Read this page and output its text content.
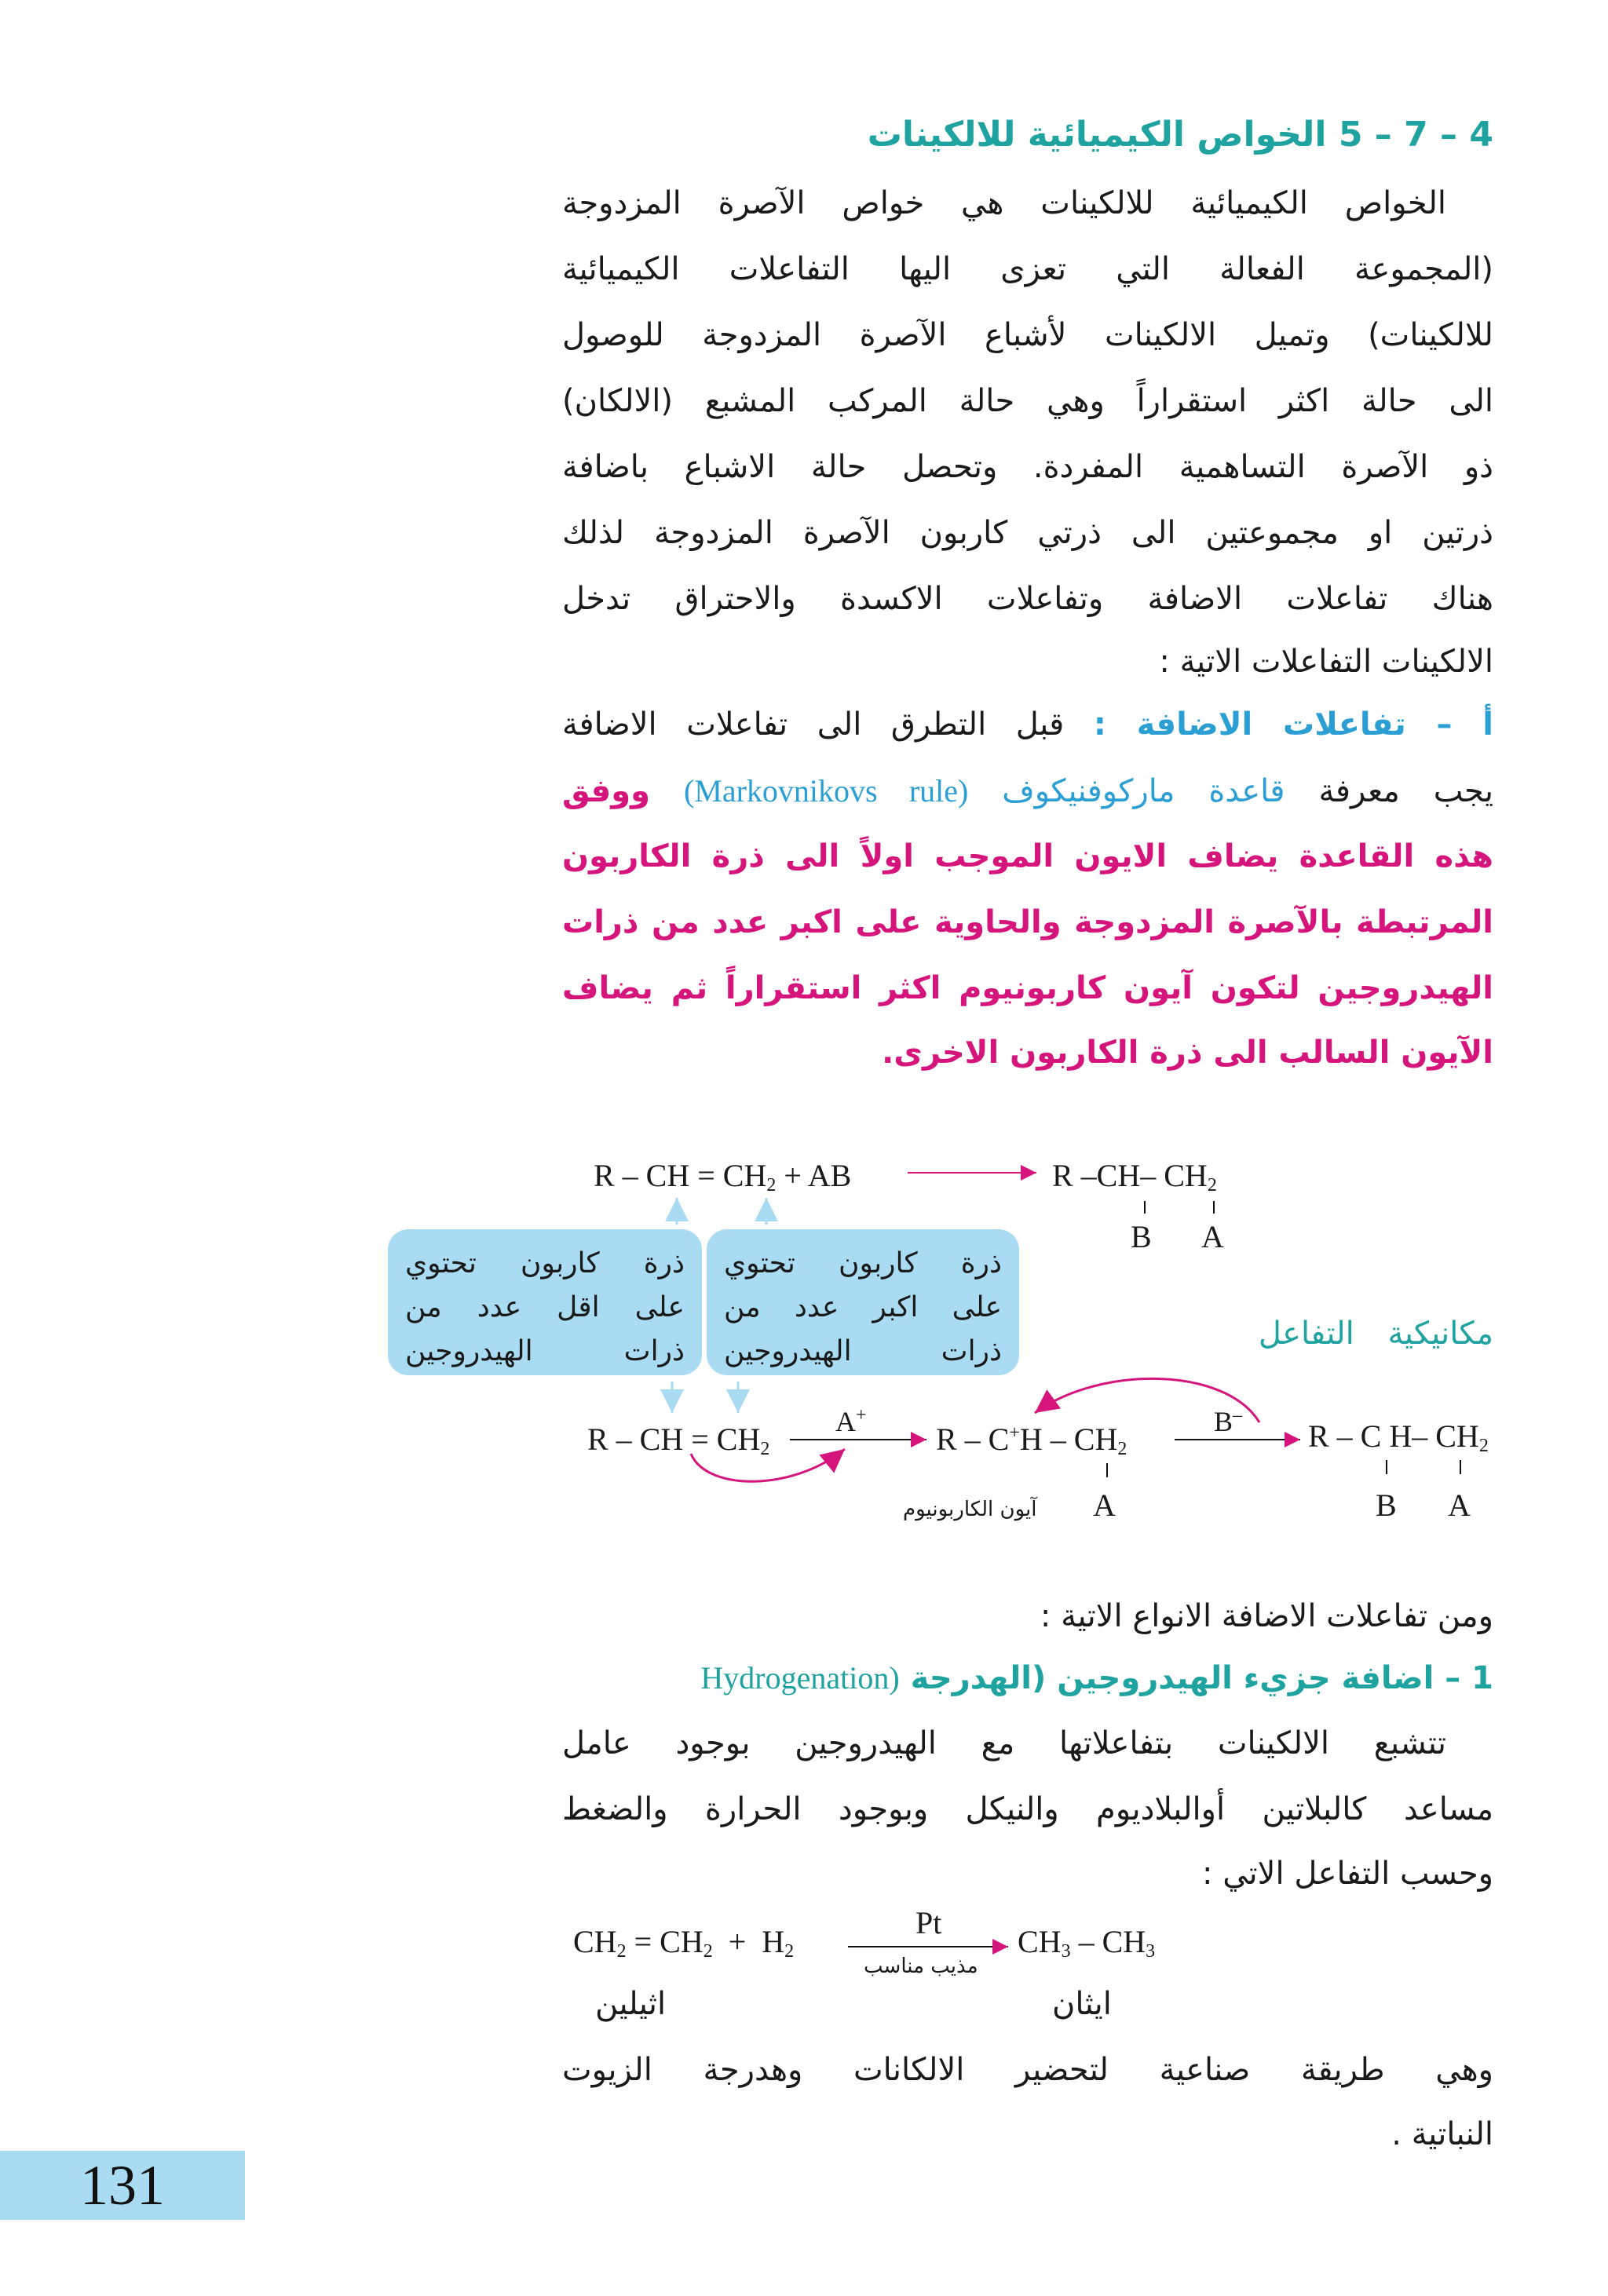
4 – 7 – 5 الخواص الكيميائية للالكينات
الخواص الكيميائية للالكينات هي خواص الآصرة المزدوجة
(المجموعة الفعالة التي تعزى اليها التفاعلات الكيميائية
للالكينات) وتميل الالكينات لأشباع الآصرة المزدوجة للوصول
الى حالة اكثر استقراراً وهي حالة المركب المشبع (الالكان)
ذو الآصرة التساهمية المفردة. وتحصل حالة الاشباع باضافة
ذرتين او مجموعتين الى ذرتي كاربون الآصرة المزدوجة لذلك
هناك تفاعلات الاضافة وتفاعلات الاكسدة والاحتراق تدخل
الالكينات التفاعلات الاتية :
أ – تفاعلات الاضافة : قبل التطرق الى تفاعلات الاضافة
يجب معرفة قاعدة ماركوفنيكوف (Markovnikovs rule) ووفق
هذه القاعدة يضاف الايون الموجب اولاً الى ذرة الكاربون
المرتبطة بالآصرة المزدوجة والحاوية على اكبر عدد من ذرات
الهيدروجين لتكون آيون كاربونيوم اكثر استقراراً ثم يضاف
الآيون السالب الى ذرة الكاربون الاخرى.
R – CH = $CH_2$ + AB	R –CH– $CH_2$
B A
ذرة كاربون تحتوي
على اقل عدد من
ذرات الهيدروجين
ذرة كاربون تحتوي
على اكبر عدد من
ذرات الهيدروجين	مكانيكية التفاعل
R – CH = $CH_2$
A+
R – $C^+H - CH_2$
B–
R – C H– $CH_2$
آيون الكاربونيوم A	B A
ومن تفاعلات الاضافة الانواع الاتية :
1 – اضافة جزيء الهيدروجين (الهدرجة (Hydrogenation
تتشبع الالكينات بتفاعلاتها مع الهيدروجين بوجود عامل
مساعد كالبلاتين أوالبلاديوم والنيكل وبوجود الحرارة والضغط
وحسب التفاعل الاتي :
$CH_2 = CH_2 + H_2$
Pt
مذيب مناسب
$CH_3 - CH_3$
اثيلين	ايثان
وهي طريقة صناعية لتحضير الالكانات وهدرجة الزيوت
النباتية .
131
